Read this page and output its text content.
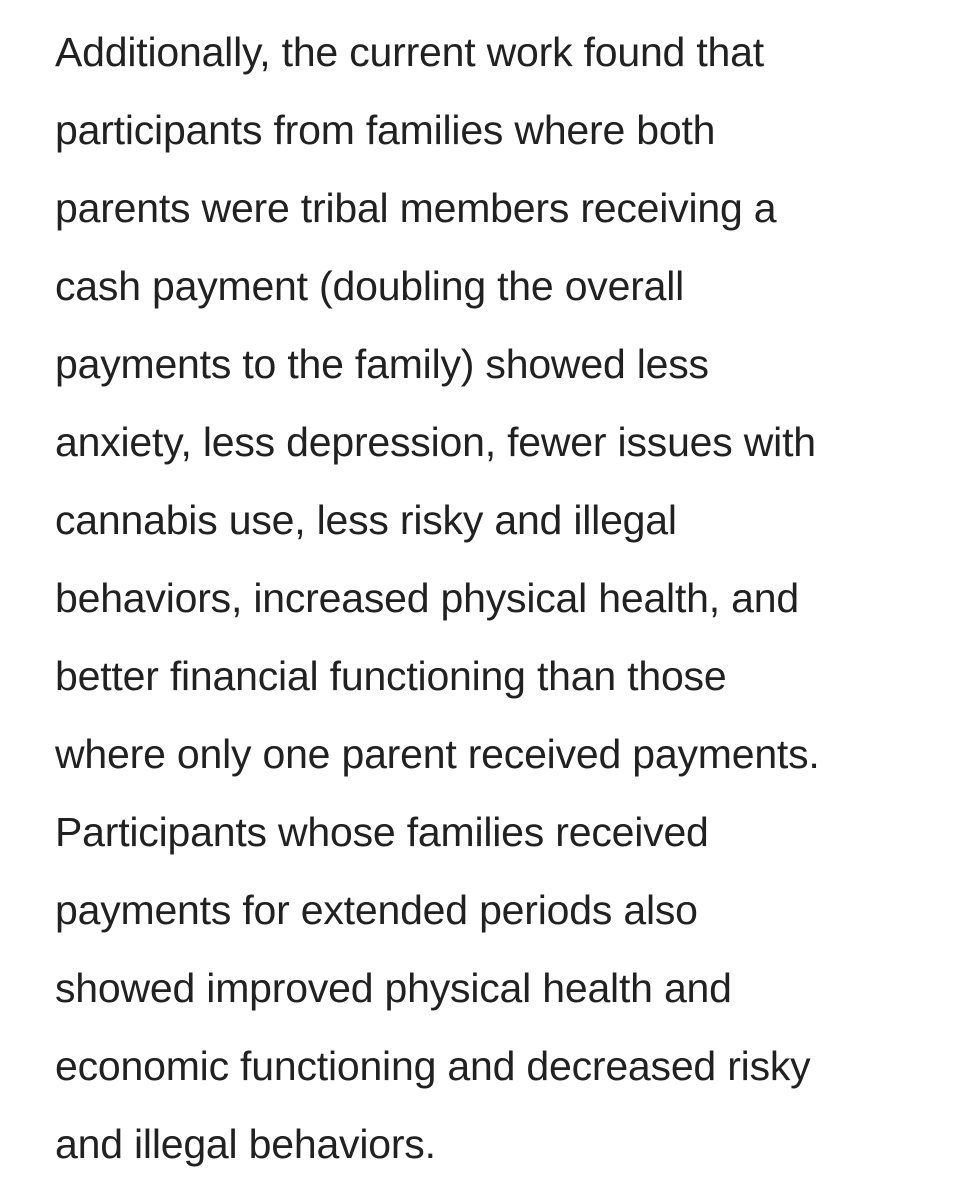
Additionally, the current work found that
participants from families where both
parents were tribal members receiving a
cash payment (doubling the overall
payments to the family) showed less
anxiety, less depression, fewer issues with
cannabis use, less risky and illegal
behaviors, increased physical health, and
better financial functioning than those
where only one parent received payments.
Participants whose families received
payments for extended periods also
showed improved physical health and
economic functioning and decreased risky
and illegal behaviors.
